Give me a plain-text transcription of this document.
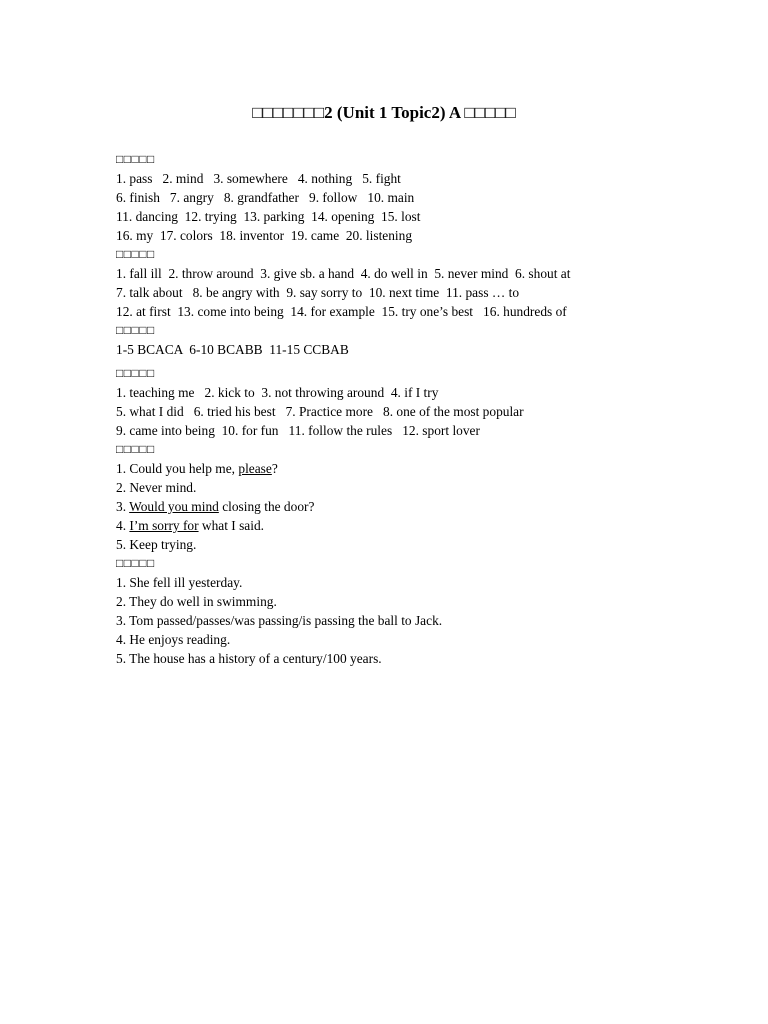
□□□□□□□2 (Unit 1 Topic2) A □□□□□
□□□□□
1. pass   2. mind   3. somewhere   4. nothing   5. fight
6. finish   7. angry   8. grandfather   9. follow   10. main
11. dancing  12. trying  13. parking  14. opening  15. lost
16. my  17. colors  18. inventor  19. came  20. listening
□□□□□
1. fall ill  2. throw around  3. give sb. a hand  4. do well in  5. never mind  6. shout at
7. talk about   8. be angry with  9. say sorry to  10. next time  11. pass … to
12. at first  13. come into being  14. for example  15. try one’s best   16. hundreds of
□□□□□
1-5 BCACA  6-10 BCABB  11-15 CCBAB
□□□□□
1. teaching me   2. kick to  3. not throwing around  4. if I try
5. what I did   6. tried his best   7. Practice more   8. one of the most popular
9. came into being  10. for fun   11. follow the rules   12. sport lover
□□□□□
1. Could you help me, please?
2. Never mind.
3. Would you mind closing the door?
4. I’m sorry for what I said.
5. Keep trying.
□□□□□
1. She fell ill yesterday.
2. They do well in swimming.
3. Tom passed/passes/was passing/is passing the ball to Jack.
4. He enjoys reading.
5. The house has a history of a century/100 years.
